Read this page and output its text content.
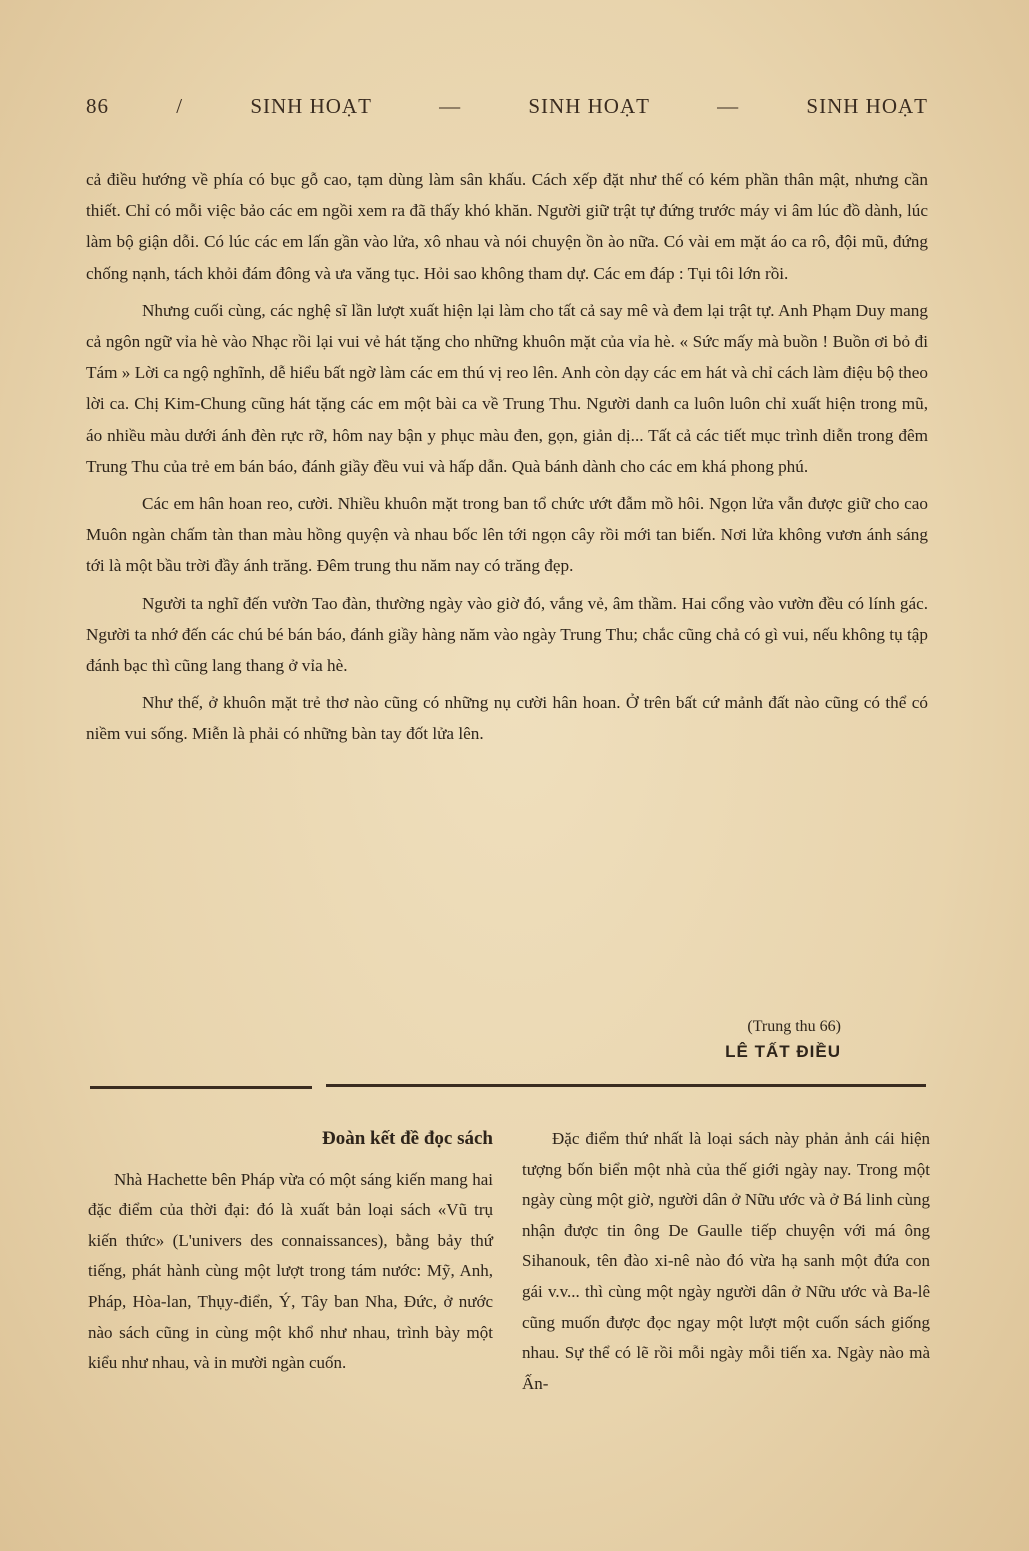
86	/	SINH HOẠT	—	SINH HOẠT	—	SINH HOẠT

cả điều hướng về phía có bục gỗ cao, tạm dùng làm sân khấu. Cách xếp đặt như thế có kém phần thân mật, nhưng cần thiết. Chỉ có mỗi việc bảo các em ngồi xem ra đã thấy khó khăn. Người giữ trật tự đứng trước máy vi âm lúc đồ dành, lúc làm bộ giận dỗi. Có lúc các em lấn gần vào lửa, xô nhau và nói chuyện ồn ào nữa. Có vài em mặt áo ca rô, đội mũ, đứng chống nạnh, tách khỏi đám đông và ưa văng tục. Hỏi sao không tham dự. Các em đáp : Tụi tôi lớn rồi.

Nhưng cuối cùng, các nghệ sĩ lần lượt xuất hiện lại làm cho tất cả say mê và đem lại trật tự. Anh Phạm Duy mang cả ngôn ngữ vỉa hè vào Nhạc rồi lại vui vẻ hát tặng cho những khuôn mặt của vỉa hè. « Sức mấy mà buồn ! Buồn ơi bỏ đi Tám » Lời ca ngộ nghĩnh, dễ hiểu bất ngờ làm các em thú vị reo lên. Anh còn dạy các em hát và chỉ cách làm điệu bộ theo lời ca. Chị Kim-Chung cũng hát tặng các em một bài ca về Trung Thu. Người danh ca luôn luôn chỉ xuất hiện trong mũ, áo nhiều màu dưới ánh đèn rực rỡ, hôm nay bận y phục màu đen, gọn, giản dị... Tất cả các tiết mục trình diễn trong đêm Trung Thu của trẻ em bán báo, đánh giầy đều vui và hấp dẫn. Quà bánh dành cho các em khá phong phú.

Các em hân hoan reo, cười. Nhiều khuôn mặt trong ban tổ chức ướt đẫm mồ hôi. Ngọn lửa vẫn được giữ cho cao Muôn ngàn chấm tàn than màu hồng quyện và nhau bốc lên tới ngọn cây rồi mới tan biến. Nơi lửa không vươn ánh sáng tới là một bầu trời đầy ánh trăng. Đêm trung thu năm nay có trăng đẹp.

Người ta nghĩ đến vườn Tao đàn, thường ngày vào giờ đó, vắng vẻ, âm thầm. Hai cổng vào vườn đều có lính gác. Người ta nhớ đến các chú bé bán báo, đánh giầy hàng năm vào ngày Trung Thu; chắc cũng chả có gì vui, nếu không tụ tập đánh bạc thì cũng lang thang ở vỉa hè.

Như thế, ở khuôn mặt trẻ thơ nào cũng có những nụ cười hân hoan. Ở trên bất cứ mảnh đất nào cũng có thể có niềm vui sống. Miễn là phải có những bàn tay đốt lửa lên.

(Trung thu 66)
LÊ TẤT ĐIỀU
Đoàn kết đề đọc sách

Nhà Hachette bên Pháp vừa có một sáng kiến mang hai đặc điểm của thời đại: đó là xuất bản loại sách «Vũ trụ kiến thức» (L'univers des connaissances), bằng bảy thứ tiếng, phát hành cùng một lượt trong tám nước: Mỹ, Anh, Pháp, Hòa-lan, Thụy-điển, Ý, Tây ban Nha, Đức, ở nước nào sách cũng in cùng một khổ như nhau, trình bày một kiểu như nhau, và in mười ngàn cuốn.

Đặc điểm thứ nhất là loại sách này phản ảnh cái hiện tượng bốn biển một nhà của thế giới ngày nay. Trong một ngày cùng một giờ, người dân ở Nữu ước và ở Bá linh cùng nhận được tin ông De Gaulle tiếp chuyện với má ông Sihanouk, tên đào xi-nê nào đó vừa hạ sanh một đứa con gái v.v... thì cùng một ngày người dân ở Nữu ước và Ba-lê cũng muốn được đọc ngay một lượt một cuốn sách giống nhau. Sự thể có lẽ rồi mỗi ngày mỗi tiến xa. Ngày nào mà Ấn-
